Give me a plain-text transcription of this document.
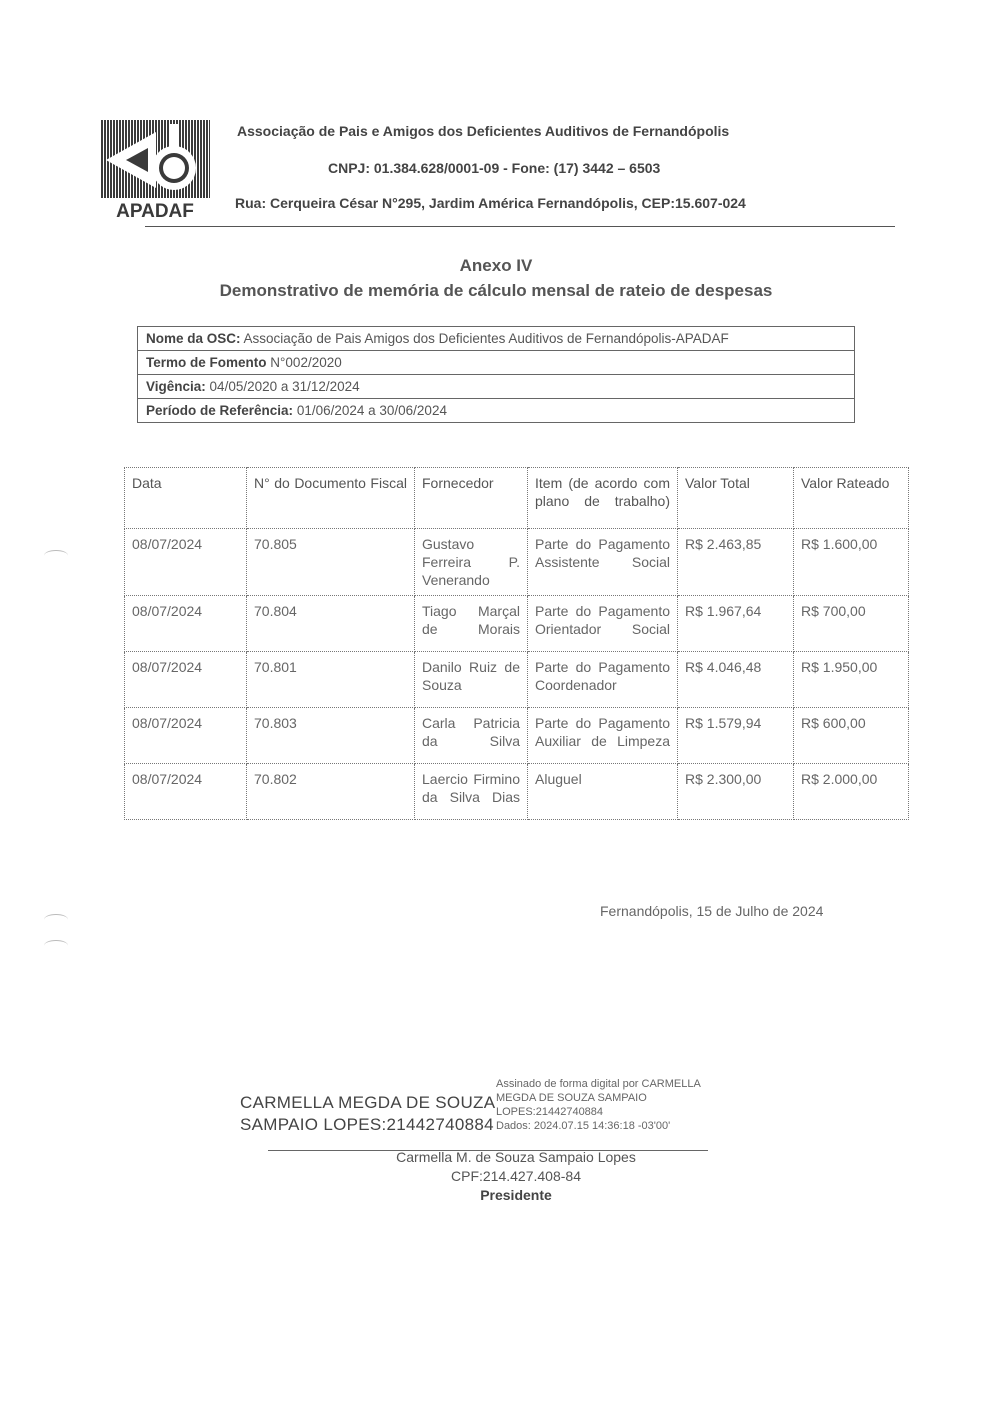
APADAF
Associação de Pais e Amigos dos Deficientes Auditivos de Fernandópolis
CNPJ: 01.384.628/0001-09 - Fone: (17) 3442 – 6503
Rua: Cerqueira César N°295, Jardim América Fernandópolis, CEP:15.607-024
Anexo IV
Demonstrativo de memória de cálculo mensal de rateio de despesas
Nome da OSC: Associação de Pais Amigos dos Deficientes Auditivos de Fernandópolis-APADAF
Termo de Fomento N°002/2020
Vigência: 04/05/2020 a 31/12/2024
Período de Referência: 01/06/2024 a 30/06/2024
Data	N° do Documento Fiscal	Fornecedor	Item (de acordo com plano de trabalho)	Valor Total	Valor Rateado
08/07/2024	70.805	Gustavo Ferreira P. Venerando	Parte do Pagamento Assistente Social	R$ 2.463,85	R$ 1.600,00
08/07/2024	70.804	Tiago Marçal de Morais	Parte do Pagamento Orientador Social	R$ 1.967,64	R$ 700,00
08/07/2024	70.801	Danilo Ruiz de Souza	Parte do Pagamento Coordenador	R$ 4.046,48	R$ 1.950,00
08/07/2024	70.803	Carla Patricia da Silva	Parte do Pagamento Auxiliar de Limpeza	R$ 1.579,94	R$ 600,00
08/07/2024	70.802	Laercio Firmino da Silva Dias	Aluguel	R$ 2.300,00	R$ 2.000,00
Fernandópolis, 15 de Julho de 2024
CARMELLA MEGDA DE SOUZA
SAMPAIO LOPES:21442740884
Assinado de forma digital por CARMELLA
MEGDA DE SOUZA SAMPAIO
LOPES:21442740884
Dados: 2024.07.15 14:36:18 -03'00'
Carmella M. de Souza Sampaio Lopes
CPF:214.427.408-84
Presidente
